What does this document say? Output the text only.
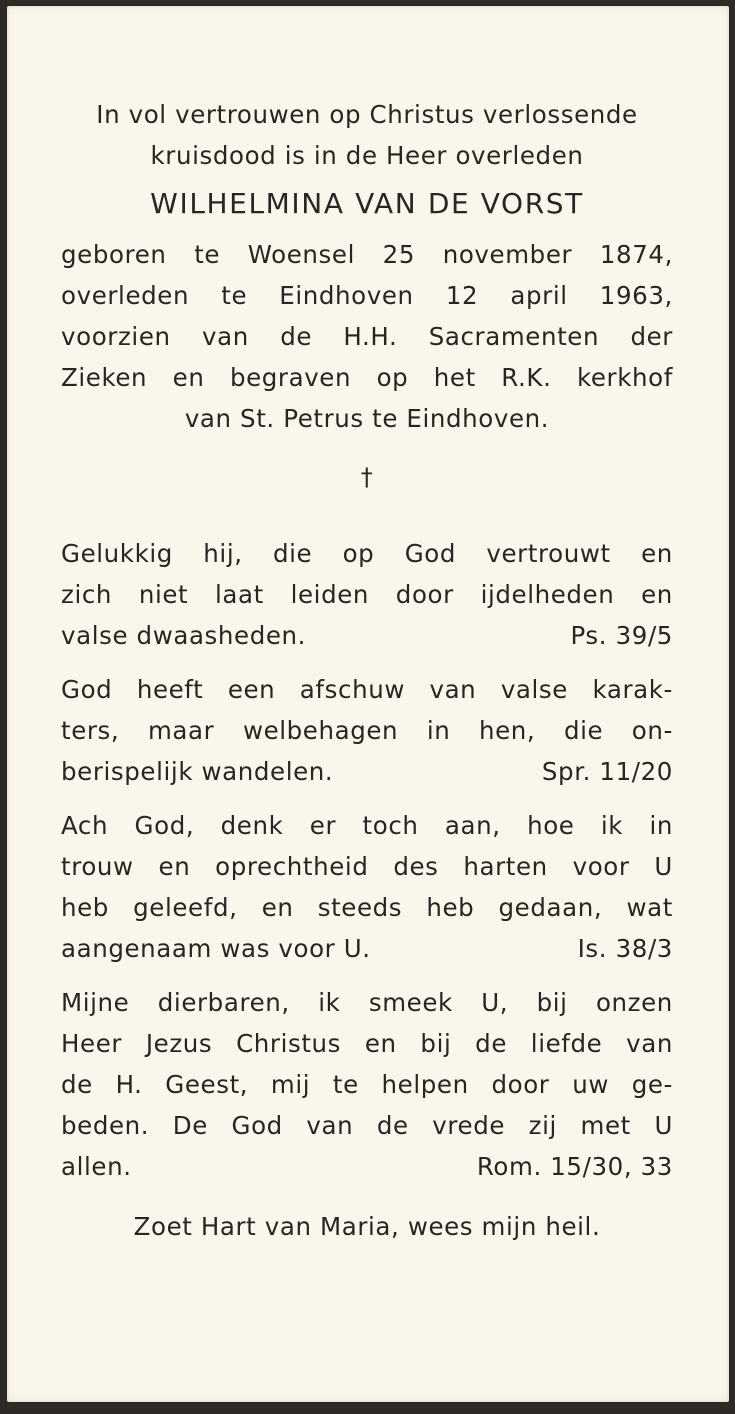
In vol vertrouwen op Christus verlossende
kruisdood is in de Heer overleden
WILHELMINA VAN DE VORST
geboren te Woensel 25 november 1874,
overleden te Eindhoven 12 april 1963,
voorzien van de H.H. Sacramenten der
Zieken en begraven op het R.K. kerkhof
van St. Petrus te Eindhoven.
†
Gelukkig hij, die op God vertrouwt en
zich niet laat leiden door ijdelheden en
valse dwaasheden.	Ps. 39/5
God heeft een afschuw van valse karak-
ters, maar welbehagen in hen, die on-
berispelijk wandelen.	Spr. 11/20
Ach God, denk er toch aan, hoe ik in
trouw en oprechtheid des harten voor U
heb geleefd, en steeds heb gedaan, wat
aangenaam was voor U.	Is. 38/3
Mijne dierbaren, ik smeek U, bij onzen
Heer Jezus Christus en bij de liefde van
de H. Geest, mij te helpen door uw ge-
beden. De God van de vrede zij met U
allen.	Rom. 15/30, 33
Zoet Hart van Maria, wees mijn heil.
